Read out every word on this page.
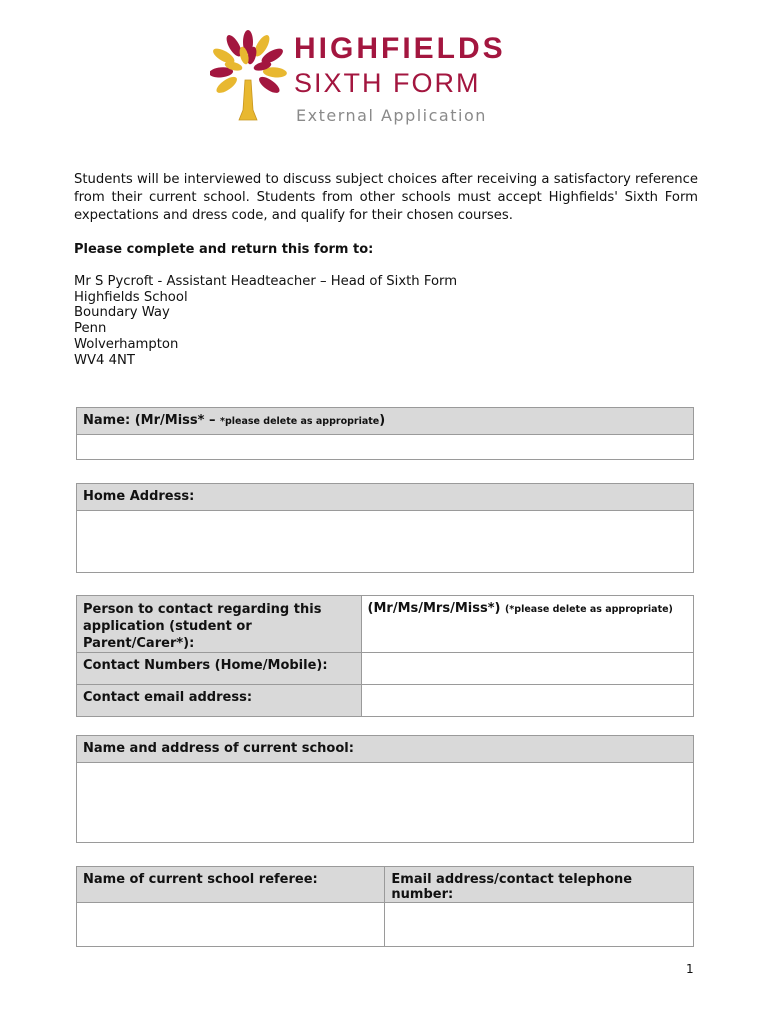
HIGHFIELDS
SIXTH FORM
External Application

Students will be interviewed to discuss subject choices after receiving a satisfactory reference from their current school. Students from other schools must accept Highfields' Sixth Form expectations and dress code, and qualify for their chosen courses.

Please complete and return this form to:

Mr S Pycroft - Assistant Headteacher – Head of Sixth Form
Highfields School
Boundary Way
Penn
Wolverhampton
WV4 4NT
Name: (Mr/Miss* – *please delete as appropriate)
Home Address:
Person to contact regarding this application (student or Parent/Carer*):	(Mr/Ms/Mrs/Miss*) (*please delete as appropriate)
Contact Numbers (Home/Mobile):	
Contact email address:	
Name and address of current school:
Name of current school referee:	Email address/contact telephone number:

1
